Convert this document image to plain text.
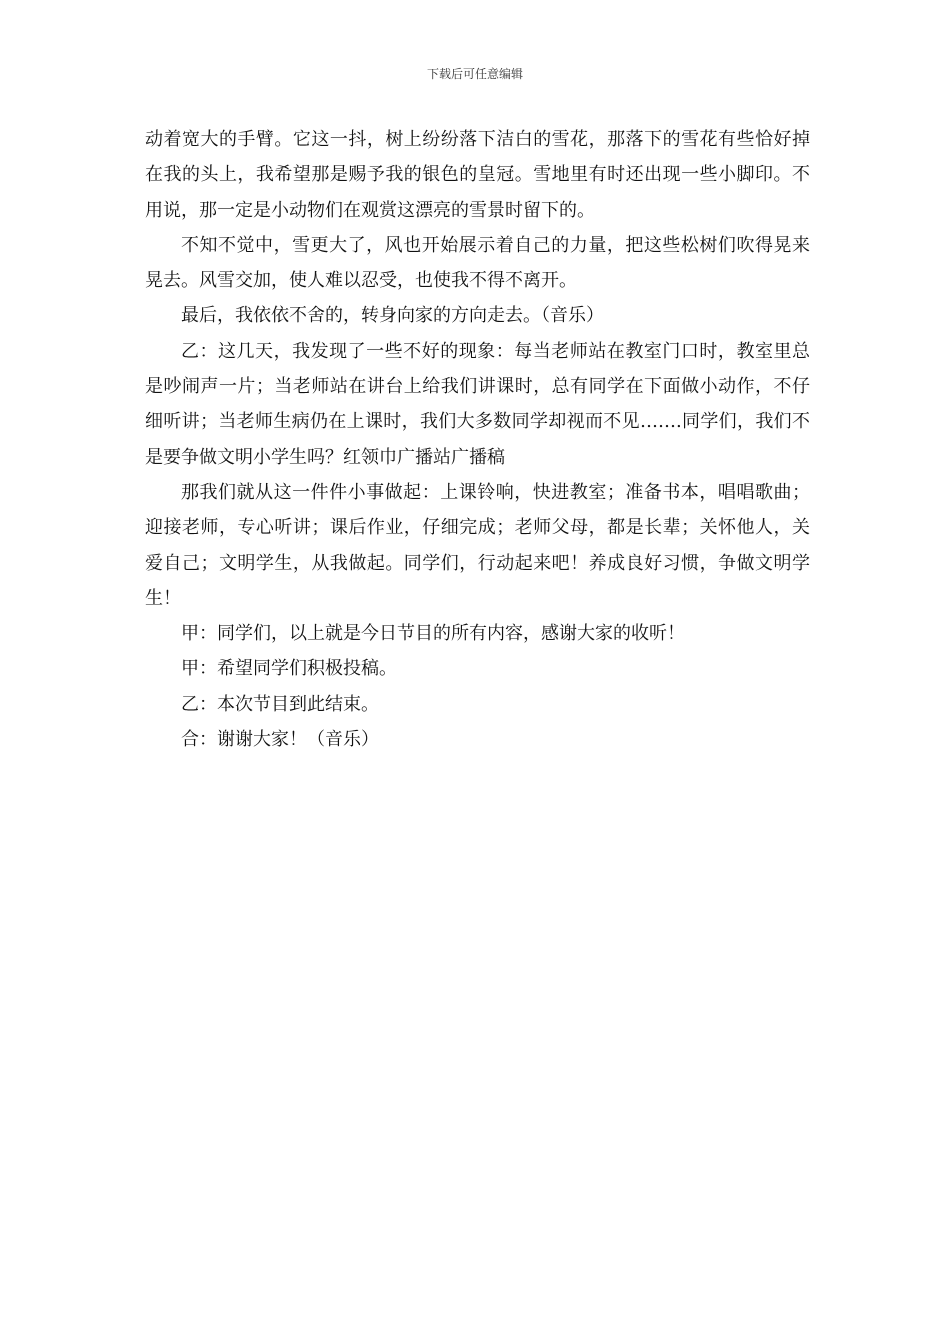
下载后可任意编辑

动着宽大的手臂。它这一抖，树上纷纷落下洁白的雪花，那落下的雪花有些恰好掉在我的头上，我希望那是赐予我的银色的皇冠。雪地里有时还出现一些小脚印。不用说，那一定是小动物们在观赏这漂亮的雪景时留下的。

不知不觉中，雪更大了，风也开始展示着自己的力量，把这些松树们吹得晃来晃去。风雪交加，使人难以忍受，也使我不得不离开。

最后，我依依不舍的，转身向家的方向走去。（音乐）

乙：这几天，我发现了一些不好的现象：每当老师站在教室门口时，教室里总是吵闹声一片；当老师站在讲台上给我们讲课时，总有同学在下面做小动作，不仔细听讲；当老师生病仍在上课时，我们大多数同学却视而不见…….同学们，我们不是要争做文明小学生吗？红领巾广播站广播稿

那我们就从这一件件小事做起：上课铃响，快进教室；准备书本，唱唱歌曲；迎接老师，专心听讲；课后作业，仔细完成；老师父母，都是长辈；关怀他人，关爱自己；文明学生，从我做起。同学们，行动起来吧！养成良好习惯，争做文明学生！

甲：同学们，以上就是今日节目的所有内容，感谢大家的收听！

甲：希望同学们积极投稿。

乙：本次节目到此结束。

合：谢谢大家！（音乐）
